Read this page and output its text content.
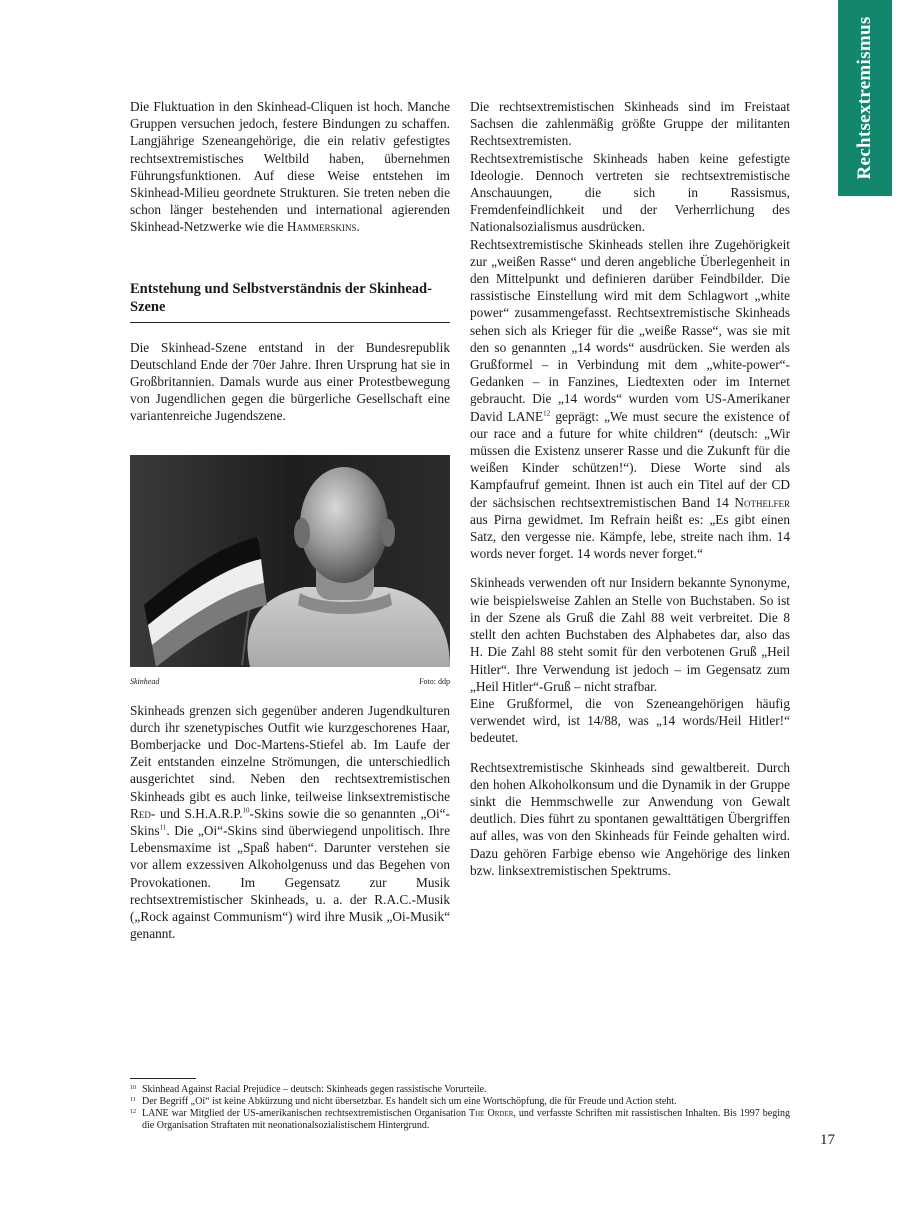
Rechtsextremismus

Die Fluktuation in den Skinhead-Cliquen ist hoch. Manche Gruppen versuchen jedoch, festere Bindungen zu schaffen. Langjährige Szeneangehörige, die ein relativ gefestigtes rechtsextremistisches Weltbild haben, übernehmen Führungsfunktionen. Auf diese Weise entstehen im Skinhead-Milieu geordnete Strukturen. Sie treten neben die schon länger bestehenden und international agierenden Skinhead-Netzwerke wie die Hammerskins.

Entstehung und Selbstverständnis der Skinhead-Szene

Die Skinhead-Szene entstand in der Bundesrepublik Deutschland Ende der 70er Jahre. Ihren Ursprung hat sie in Großbritannien. Damals wurde aus einer Protestbewegung von Jugendlichen gegen die bürgerliche Gesellschaft eine variantenreiche Jugendszene.

Skinhead	Foto: ddp

Skinheads grenzen sich gegenüber anderen Jugendkulturen durch ihr szenetypisches Outfit wie kurzgeschorenes Haar, Bomberjacke und Doc-Martens-Stiefel ab. Im Laufe der Zeit entstanden einzelne Strömungen, die unterschiedlich ausgerichtet sind. Neben den rechtsextremistischen Skinheads gibt es auch linke, teilweise linksextremistische Red- und S.H.A.R.P.$^{10}$-Skins sowie die so genannten „Oi“-Skins$^{11}$. Die „Oi“-Skins sind überwiegend unpolitisch. Ihre Lebensmaxime ist „Spaß haben“. Darunter verstehen sie vor allem exzessiven Alkoholgenuss und das Begehen von Provokationen. Im Gegensatz zur Musik rechtsextremistischer Skinheads, u. a. der R.A.C.-Musik („Rock against Communism“) wird ihre Musik „Oi-Musik“ genannt.

Die rechtsextremistischen Skinheads sind im Freistaat Sachsen die zahlenmäßig größte Gruppe der militanten Rechtsextremisten.

Rechtsextremistische Skinheads haben keine gefestigte Ideologie. Dennoch vertreten sie rechtsextremistische Anschauungen, die sich in Rassismus, Fremdenfeindlichkeit und der Verherrlichung des Nationalsozialismus ausdrücken.

Rechtsextremistische Skinheads stellen ihre Zugehörigkeit zur „weißen Rasse“ und deren angebliche Überlegenheit in den Mittelpunkt und definieren darüber Feindbilder. Die rassistische Einstellung wird mit dem Schlagwort „white power“ zusammengefasst. Rechtsextremistische Skinheads sehen sich als Krieger für die „weiße Rasse“, was sie mit den so genannten „14 words“ ausdrücken. Sie werden als Grußformel – in Verbindung mit dem „white-power“-Gedanken – in Fanzines, Liedtexten oder im Internet gebraucht. Die „14 words“ wurden vom US-Amerikaner David LANE$^{12}$ geprägt: „We must secure the existence of our race and a future for white children“ (deutsch: „Wir müssen die Existenz unserer Rasse und die Zukunft für die weißen Kinder schützen!“). Diese Worte sind als Kampfaufruf gemeint. Ihnen ist auch ein Titel auf der CD der sächsischen rechtsextremistischen Band 14 Nothelfer aus Pirna gewidmet. Im Refrain heißt es: „Es gibt einen Satz, den vergesse nie. Kämpfe, lebe, streite nach ihm. 14 words never forget. 14 words never forget.“

Skinheads verwenden oft nur Insidern bekannte Synonyme, wie beispielsweise Zahlen an Stelle von Buchstaben. So ist in der Szene als Gruß die Zahl 88 weit verbreitet. Die 8 stellt den achten Buchstaben des Alphabetes dar, also das H. Die Zahl 88 steht somit für den verbotenen Gruß „Heil Hitler“. Ihre Verwendung ist jedoch – im Gegensatz zum „Heil Hitler“-Gruß – nicht strafbar.

Eine Grußformel, die von Szeneangehörigen häufig verwendet wird, ist 14/88, was „14 words/Heil Hitler!“ bedeutet.

Rechtsextremistische Skinheads sind gewaltbereit. Durch den hohen Alkoholkonsum und die Dynamik in der Gruppe sinkt die Hemmschwelle zur Anwendung von Gewalt deutlich. Dies führt zu spontanen gewalttätigen Übergriffen auf alles, was von den Skinheads für Feinde gehalten wird. Dazu gehören Farbige ebenso wie Angehörige des linken bzw. linksextremistischen Spektrums.

10 Skinhead Against Racial Prejudice – deutsch: Skinheads gegen rassistische Vorurteile.
11 Der Begriff „Oi“ ist keine Abkürzung und nicht übersetzbar. Es handelt sich um eine Wortschöpfung, die für Freude und Action steht.
12 LANE war Mitglied der US-amerikanischen rechtsextremistischen Organisation The Order, und verfasste Schriften mit rassistischen Inhalten. Bis 1997 beging die Organisation Straftaten mit neonationalsozialistischem Hintergrund.
17
